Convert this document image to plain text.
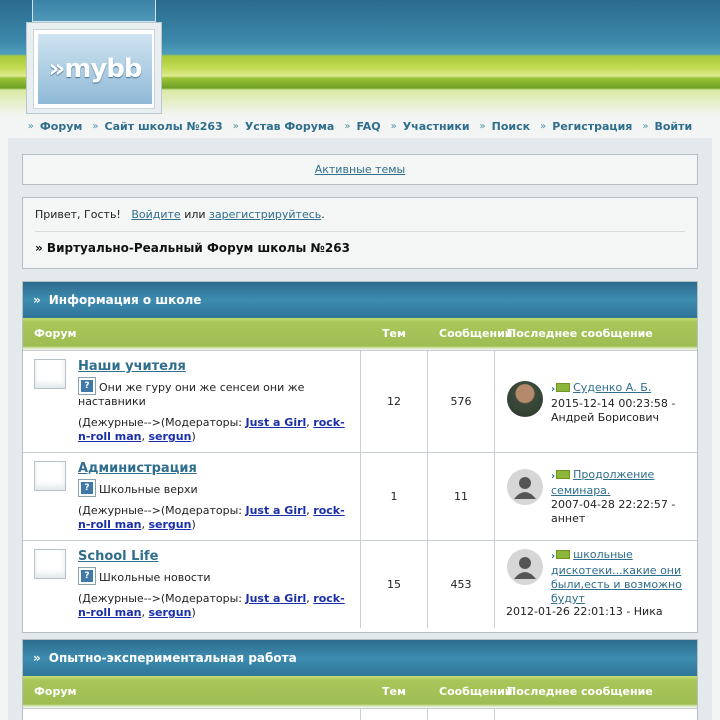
»mybb
» Форум » Сайт школы №263 » Устав Форума » FAQ » Участники » Поиск » Регистрация » Войти
Активные темы
Привет, Гость! Войдите или зарегистрируйтесь.
» Виртуально-Реальный Форум школы №263
» Информация о школе
Форум	Тем	Сообщений
Последнее сообщение
Наши учителя
?Они же гуру они же сенсеи они же наставники
(Дежурные-->(Модераторы: Just a Girl, rock-n-roll man, sergun)
12	576
› Суденко А. Б.
2015-12-14 00:23:58 - Андрей Борисович
Администрация
?Школьные верхи
(Дежурные-->(Модераторы: Just a Girl, rock-n-roll man, sergun)
1	11
› Продолжение семинара.
2007-04-28 22:22:57 - аннет
School Life
?Школьные новости
(Дежурные-->(Модераторы: Just a Girl, rock-n-roll man, sergun)
15	453
› школьные дискотеки...какие они были,есть и возможно будут
2012-01-26 22:01:13 - Ника
» Опытно-экспериментальная работа
Форум	Тем	Сообщений
Последнее сообщение
